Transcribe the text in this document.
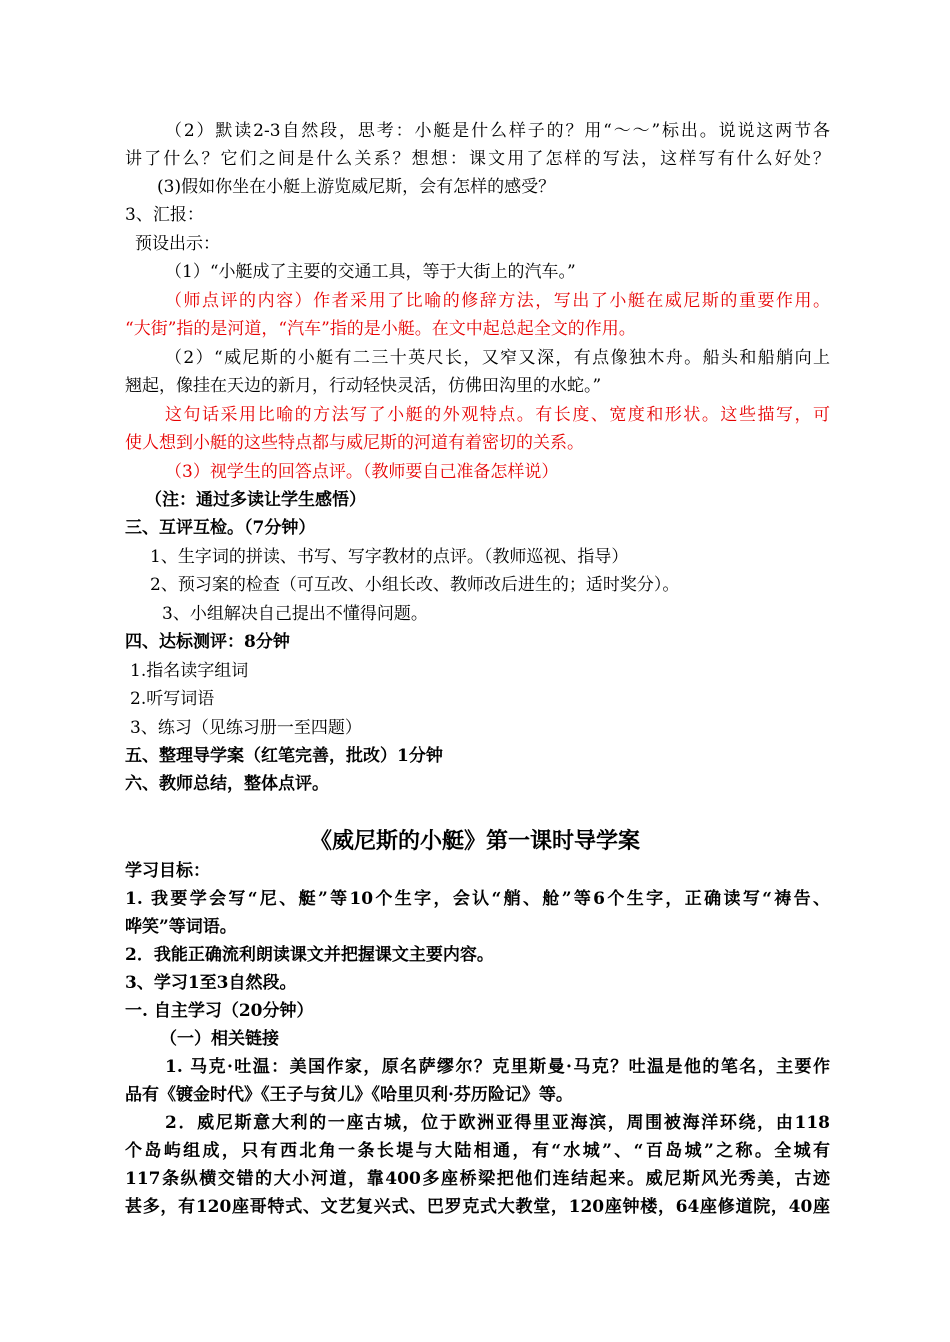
（2）默读2-3自然段，思考：小艇是什么样子的？用“～～”标出。说说这两节各
讲了什么？它们之间是什么关系？想想：课文用了怎样的写法，这样写有什么好处？
(3)假如你坐在小艇上游览威尼斯，会有怎样的感受？
3、汇报：
预设出示：
（1）“小艇成了主要的交通工具，等于大街上的汽车。”
（师点评的内容）作者采用了比喻的修辞方法，写出了小艇在威尼斯的重要作用。
“大街”指的是河道，“汽车”指的是小艇。在文中起总起全文的作用。
（2）“威尼斯的小艇有二三十英尺长，又窄又深，有点像独木舟。船头和船艄向上
翘起，像挂在天边的新月，行动轻快灵活，仿佛田沟里的水蛇。”
这句话采用比喻的方法写了小艇的外观特点。有长度、宽度和形状。这些描写，可
使人想到小艇的这些特点都与威尼斯的河道有着密切的关系。
（3）视学生的回答点评。（教师要自己准备怎样说）
（注：通过多读让学生感悟）
三、互评互检。（7分钟）
1、生字词的拼读、书写、写字教材的点评。（教师巡视、指导）
2、预习案的检查（可互改、小组长改、教师改后进生的；适时奖分）。
3、小组解决自己提出不懂得问题。
四、达标测评：8分钟
1.指名读字组词
2.听写词语
3、练习（见练习册一至四题）
五、整理导学案（红笔完善，批改）1分钟
六、教师总结，整体点评。
《威尼斯的小艇》第一课时导学案
学习目标：
1. 我要学会写“尼、艇”等10个生字，会认“艄、舱”等6个生字，正确读写“祷告、
哗笑”等词语。
2．我能正确流利朗读课文并把握课文主要内容。
3、学习1至3自然段。
一. 自主学习（20分钟）
（一）相关链接
1. 马克·吐温：美国作家，原名萨缪尔？克里斯曼·马克？吐温是他的笔名，主要作
品有《镀金时代》《王子与贫儿》《哈里贝利·芬历险记》等。
2．威尼斯意大利的一座古城，位于欧洲亚得里亚海滨，周围被海洋环绕，由118
个岛屿组成，只有西北角一条长堤与大陆相通，有“水城”、“百岛城”之称。全城有
117条纵横交错的大小河道，靠400多座桥梁把他们连结起来。威尼斯风光秀美，古迹
甚多，有120座哥特式、文艺复兴式、巴罗克式大教堂，120座钟楼，64座修道院，40座
